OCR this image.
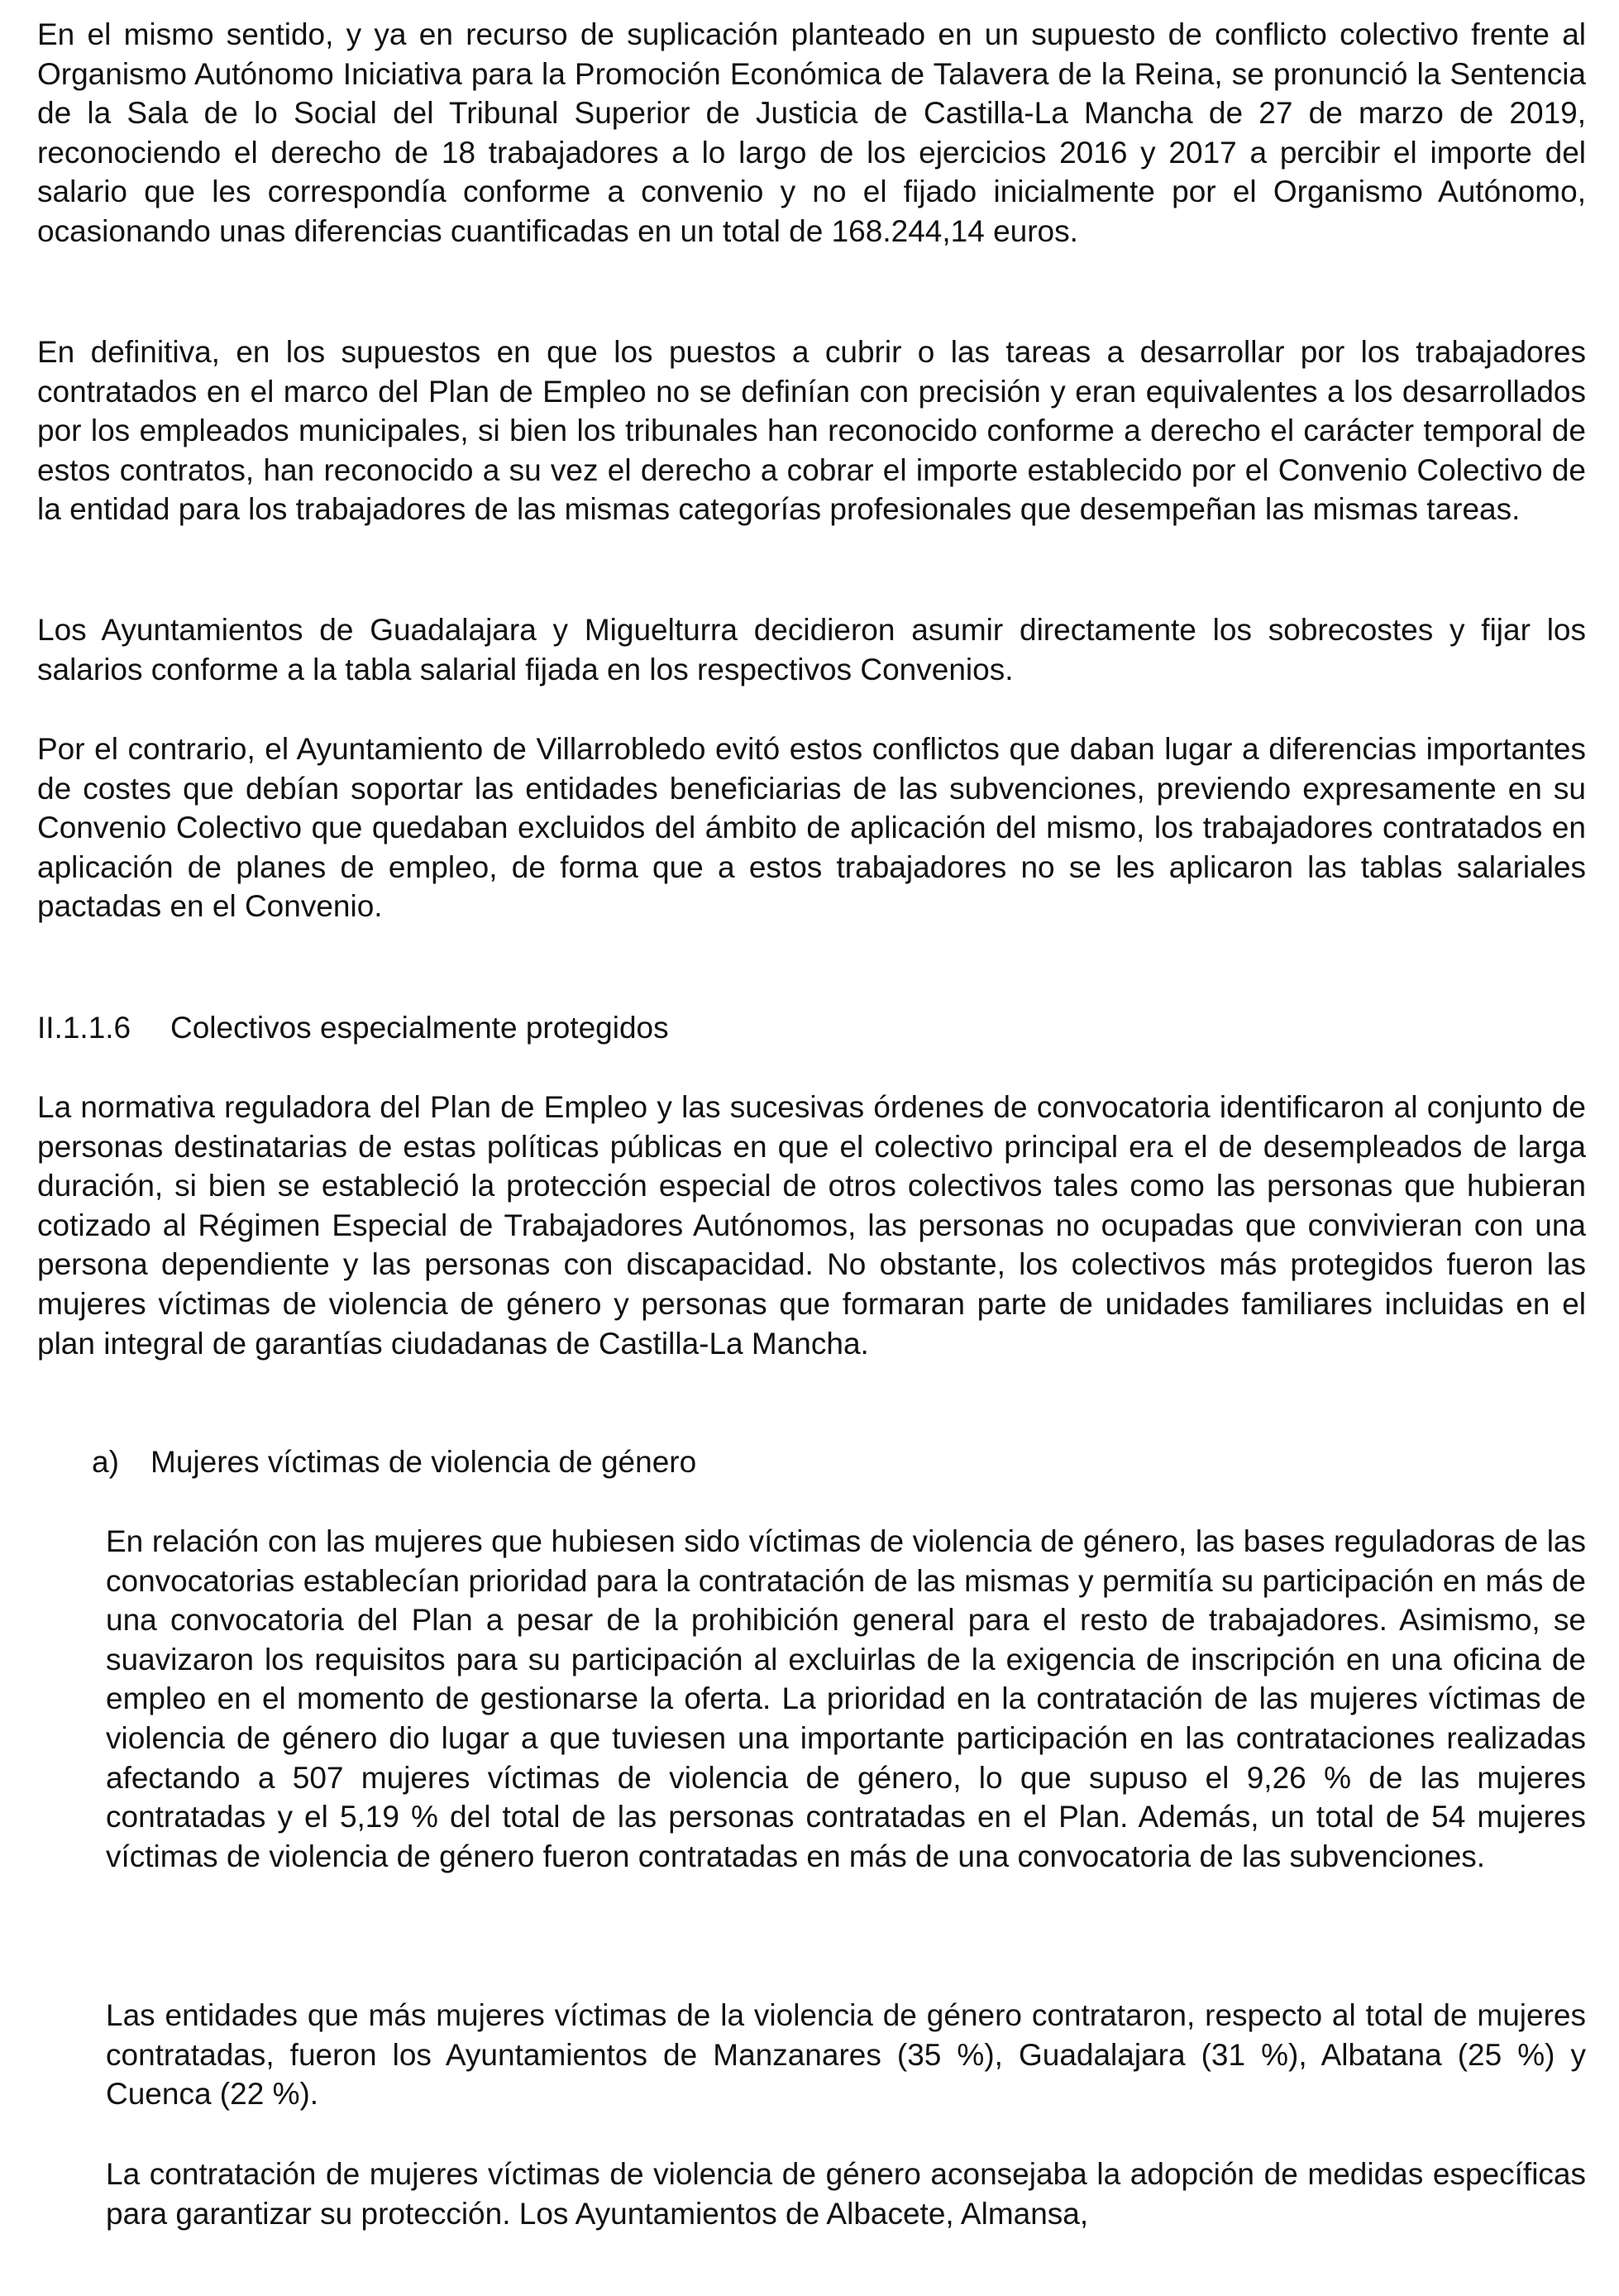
En el mismo sentido, y ya en recurso de suplicación planteado en un supuesto de conflicto colectivo frente al Organismo Autónomo Iniciativa para la Promoción Económica de Talavera de la Reina, se pronunció la Sentencia de la Sala de lo Social del Tribunal Superior de Justicia de Castilla-La Mancha de 27 de marzo de 2019, reconociendo el derecho de 18 trabajadores a lo largo de los ejercicios 2016 y 2017 a percibir el importe del salario que les correspondía conforme a convenio y no el fijado inicialmente por el Organismo Autónomo, ocasionando unas diferencias cuantificadas en un total de 168.244,14 euros.

En definitiva, en los supuestos en que los puestos a cubrir o las tareas a desarrollar por los trabajadores contratados en el marco del Plan de Empleo no se definían con precisión y eran equivalentes a los desarrollados por los empleados municipales, si bien los tribunales han reconocido conforme a derecho el carácter temporal de estos contratos, han reconocido a su vez el derecho a cobrar el importe establecido por el Convenio Colectivo de la entidad para los trabajadores de las mismas categorías profesionales que desempeñan las mismas tareas.

Los Ayuntamientos de Guadalajara y Miguelturra decidieron asumir directamente los sobrecostes y fijar los salarios conforme a la tabla salarial fijada en los respectivos Convenios.

Por el contrario, el Ayuntamiento de Villarrobledo evitó estos conflictos que daban lugar a diferencias importantes de costes que debían soportar las entidades beneficiarias de las subvenciones, previendo expresamente en su Convenio Colectivo que quedaban excluidos del ámbito de aplicación del mismo, los trabajadores contratados en aplicación de planes de empleo, de forma que a estos trabajadores no se les aplicaron las tablas salariales pactadas en el Convenio.

II.1.1.6 Colectivos especialmente protegidos

La normativa reguladora del Plan de Empleo y las sucesivas órdenes de convocatoria identificaron al conjunto de personas destinatarias de estas políticas públicas en que el colectivo principal era el de desempleados de larga duración, si bien se estableció la protección especial de otros colectivos tales como las personas que hubieran cotizado al Régimen Especial de Trabajadores Autónomos, las personas no ocupadas que convivieran con una persona dependiente y las personas con discapacidad. No obstante, los colectivos más protegidos fueron las mujeres víctimas de violencia de género y personas que formaran parte de unidades familiares incluidas en el plan integral de garantías ciudadanas de Castilla-La Mancha.

a) Mujeres víctimas de violencia de género

En relación con las mujeres que hubiesen sido víctimas de violencia de género, las bases reguladoras de las convocatorias establecían prioridad para la contratación de las mismas y permitía su participación en más de una convocatoria del Plan a pesar de la prohibición general para el resto de trabajadores. Asimismo, se suavizaron los requisitos para su participación al excluirlas de la exigencia de inscripción en una oficina de empleo en el momento de gestionarse la oferta. La prioridad en la contratación de las mujeres víctimas de violencia de género dio lugar a que tuviesen una importante participación en las contrataciones realizadas afectando a 507 mujeres víctimas de violencia de género, lo que supuso el 9,26 % de las mujeres contratadas y el 5,19 % del total de las personas contratadas en el Plan. Además, un total de 54 mujeres víctimas de violencia de género fueron contratadas en más de una convocatoria de las subvenciones.

Las entidades que más mujeres víctimas de la violencia de género contrataron, respecto al total de mujeres contratadas, fueron los Ayuntamientos de Manzanares (35 %), Guadalajara (31 %), Albatana (25 %) y Cuenca (22 %).

La contratación de mujeres víctimas de violencia de género aconsejaba la adopción de medidas específicas para garantizar su protección. Los Ayuntamientos de Albacete, Almansa,
